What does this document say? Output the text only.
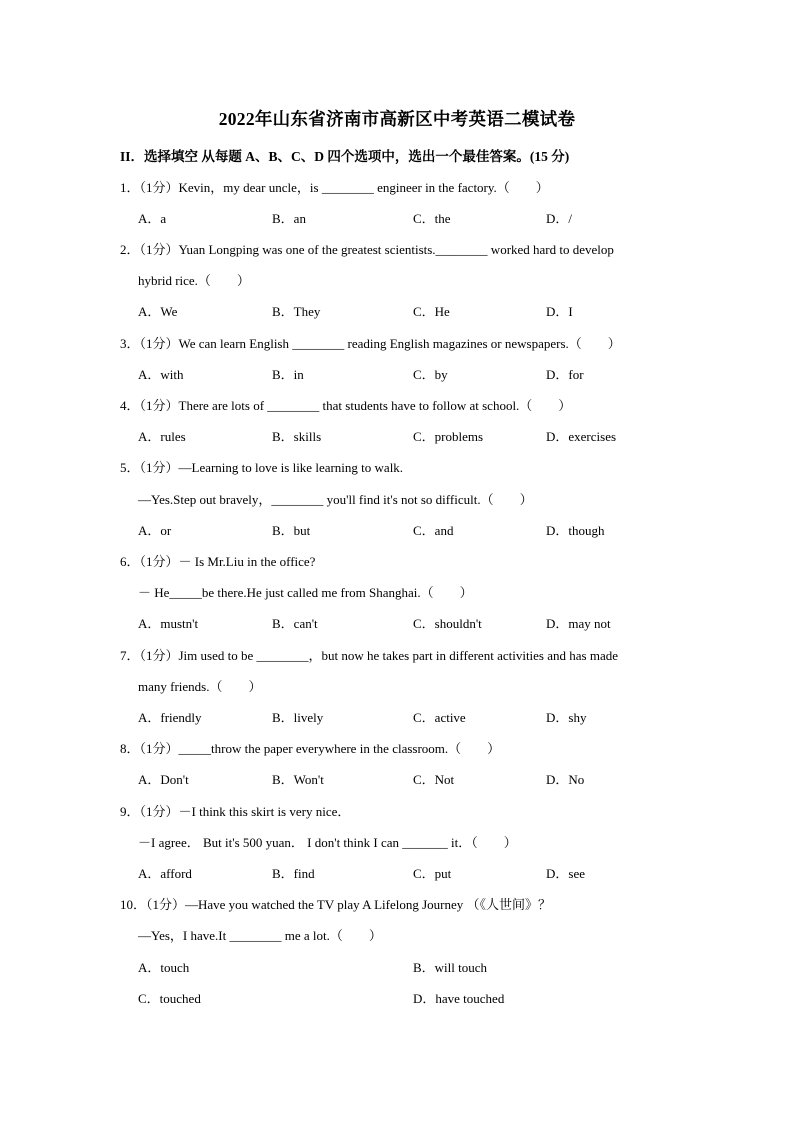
2022年山东省济南市高新区中考英语二模试卷
II．选择填空 从每题 A、B、C、D 四个选项中，选出一个最佳答案。(15 分)
1．（1分）Kevin，my dear uncle，is ________ engineer in the factory.（　　）
A．a	B．an	C．the	D．/
2．（1分）Yuan Longping was one of the greatest scientists.________ worked hard to develop
hybrid rice.（　　）
A．We	B．They	C．He	D．I
3．（1分）We can learn English ________ reading English magazines or newspapers.（　　）
A．with	B．in	C．by	D．for
4．（1分）There are lots of ________ that students have to follow at school.（　　）
A．rules	B．skills	C．problems	D．exercises
5．（1分）—Learning to love is like learning to walk.
—Yes.Step out bravely，________ you'll find it's not so difficult.（　　）
A．or	B．but	C．and	D．though
6．（1分）－ Is Mr.Liu in the office?
－ He_____be there.He just called me from Shanghai.（　　）
A．mustn't	B．can't	C．shouldn't	D．may not
7．（1分）Jim used to be ________，but now he takes part in different activities and has made
many friends.（　　）
A．friendly	B．lively	C．active	D．shy
8．（1分）_____throw the paper everywhere in the classroom.（　　）
A．Don't	B．Won't	C．Not	D．No
9．（1分）－I think this skirt is very nice．
－I agree． But it's 500 yuan． I don't think I can _______ it．（　　）
A．afford	B．find	C．put	D．see
10．（1分）—Have you watched the TV play A Lifelong Journey （《人世间》？
—Yes，I have.It ________ me a lot.（　　）
A．touch	B．will touch
C．touched	D．have touched
